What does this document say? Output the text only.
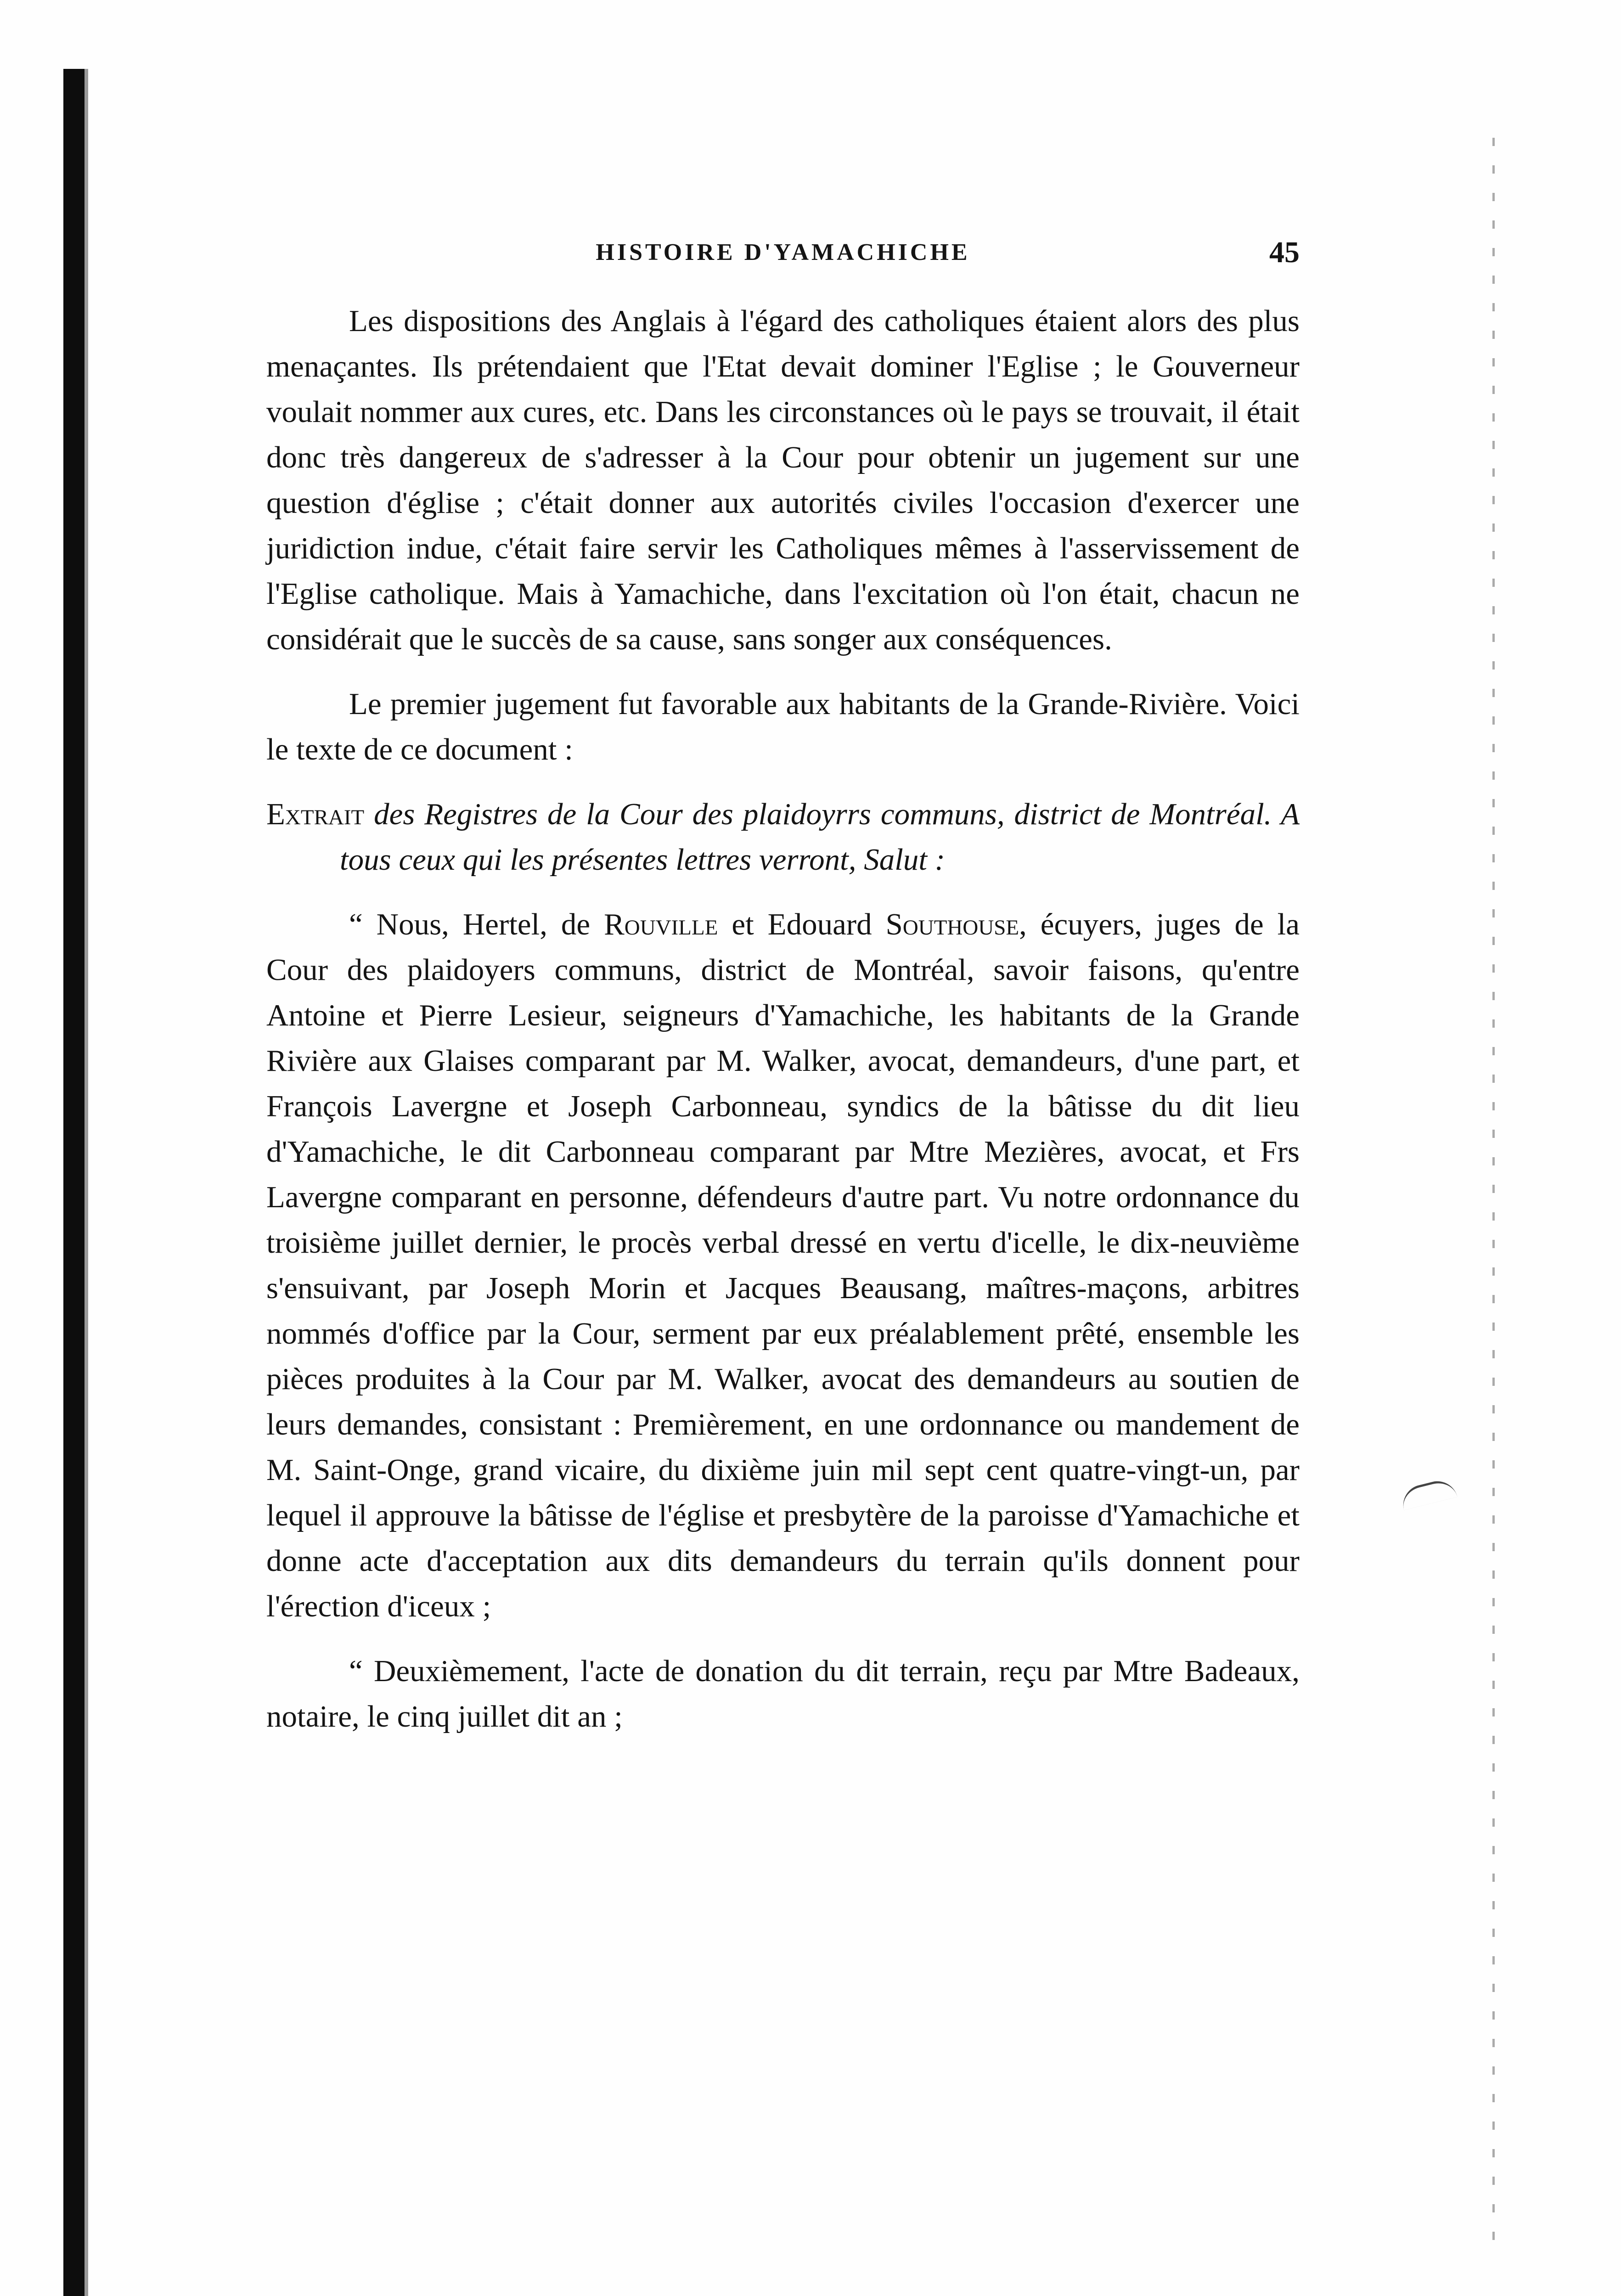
HISTOIRE D'YAMACHICHE	45

Les dispositions des Anglais à l'égard des catholiques étaient alors des plus menaçantes. Ils prétendaient que l'Etat devait dominer l'Eglise ; le Gouverneur voulait nommer aux cures, etc. Dans les circonstances où le pays se trouvait, il était donc très dangereux de s'adresser à la Cour pour obtenir un jugement sur une question d'église ; c'était donner aux autorités civiles l'occasion d'exercer une juridiction indue, c'était faire servir les Catholiques mêmes à l'asservissement de l'Eglise catholique. Mais à Yamachiche, dans l'excitation où l'on était, chacun ne considérait que le succès de sa cause, sans songer aux conséquences.

Le premier jugement fut favorable aux habitants de la Grande-Rivière. Voici le texte de ce document :

Extrait des Registres de la Cour des plaidoyrrs communs, district de Montréal. A tous ceux qui les présentes lettres verront, Salut :

“ Nous, Hertel, de Rouville et Edouard Southouse, écuyers, juges de la Cour des plaidoyers communs, district de Montréal, savoir faisons, qu'entre Antoine et Pierre Lesieur, seigneurs d'Yamachiche, les habitants de la Grande Rivière aux Glaises comparant par M. Walker, avocat, demandeurs, d'une part, et François Lavergne et Joseph Carbonneau, syndics de la bâtisse du dit lieu d'Yamachiche, le dit Carbonneau comparant par Mtre Mezières, avocat, et Frs Lavergne comparant en personne, défendeurs d'autre part. Vu notre ordonnance du troisième juillet dernier, le procès verbal dressé en vertu d'icelle, le dix-neuvième s'ensuivant, par Joseph Morin et Jacques Beausang, maîtres-maçons, arbitres nommés d'office par la Cour, serment par eux préalablement prêté, ensemble les pièces produites à la Cour par M. Walker, avocat des demandeurs au soutien de leurs demandes, consistant : Premièrement, en une ordonnance ou mandement de M. Saint-Onge, grand vicaire, du dixième juin mil sept cent quatre-vingt-un, par lequel il approuve la bâtisse de l'église et presbytère de la paroisse d'Yamachiche et donne acte d'acceptation aux dits demandeurs du terrain qu'ils donnent pour l'érection d'iceux ;

“ Deuxièmement, l'acte de donation du dit terrain, reçu par Mtre Badeaux, notaire, le cinq juillet dit an ;
